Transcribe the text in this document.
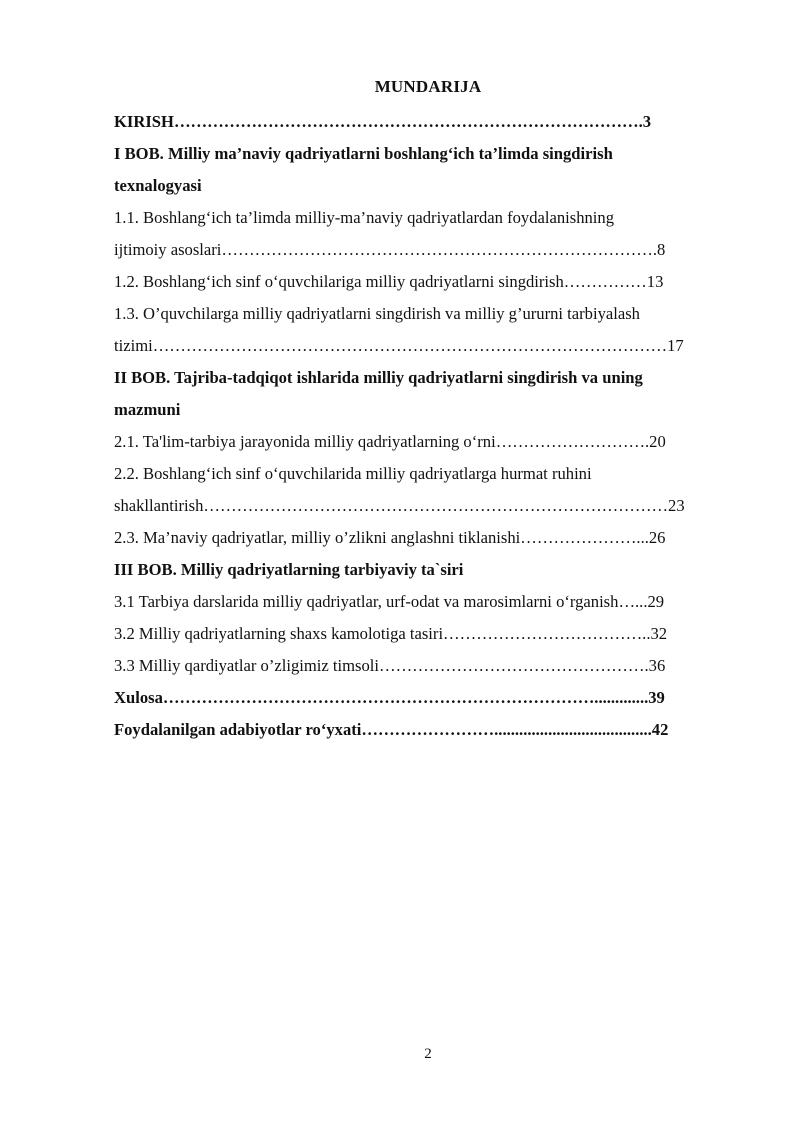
MUNDARIJA
KIRISH………………………………………………………………………….3
I BOB. Milliy ma’naviy qadriyatlarni boshlang‘ich ta’limda singdirish
texnalogyasi
1.1. Boshlang‘ich ta’limda milliy-ma’naviy qadriyatlardan foydalanishning
ijtimoiy asoslari…………………………………………………………………….8
1.2. Boshlang‘ich sinf o‘quvchilariga milliy qadriyatlarni singdirish……………13
1.3. O’quvchilarga milliy qadriyatlarni singdirish va milliy g’ururni tarbiyalash
tizimi…………………………………………………………………………………17
II BOB. Tajriba-tadqiqot ishlarida milliy qadriyatlarni singdirish va uning
mazmuni
2.1. Ta'lim-tarbiya jarayonida milliy qadriyatlarning o‘rni……………………….20
2.2. Boshlang‘ich sinf o‘quvchilarida milliy qadriyatlarga hurmat ruhini
shakllantirish…………………………………………………………………………23
2.3. Ma’naviy qadriyatlar, milliy o’zlikni anglashni tiklanishi…………………...26
III BOB. Milliy qadriyatlarning tarbiyaviy ta`siri
3.1 Tarbiya darslarida milliy qadriyatlar, urf-odat va marosimlarni o‘rganish…...29
3.2 Milliy qadriyatlarning shaxs kamolotiga tasiri………………………………..32
3.3 Milliy qardiyatlar o’zligimiz timsoli………………………………………….36
Xulosa…………………………………………………………………….............39
Foydalanilgan adabiyotlar ro‘yxati……………………......................................42
2
